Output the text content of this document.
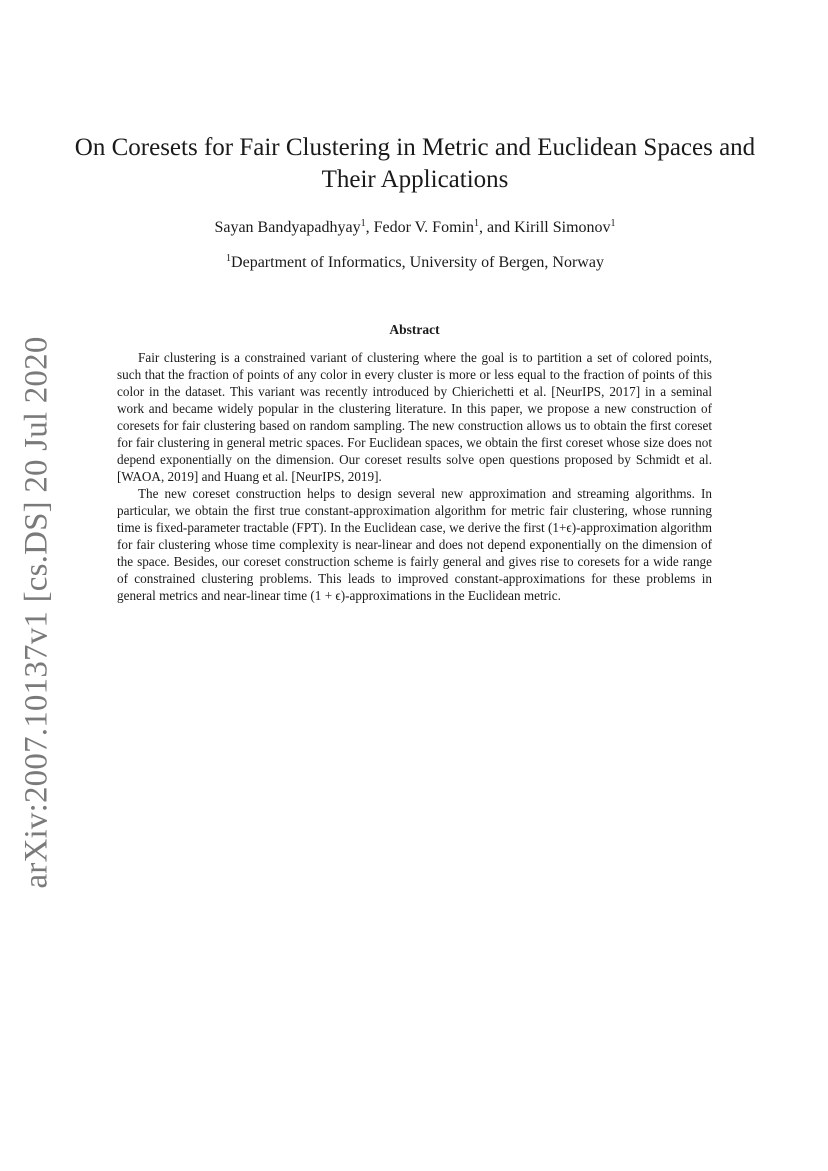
arXiv:2007.10137v1 [cs.DS] 20 Jul 2020
On Coresets for Fair Clustering in Metric and Euclidean Spaces and Their Applications
Sayan Bandyapadhyay$^1$, Fedor V. Fomin$^1$, and Kirill Simonov$^1$
$^1$Department of Informatics, University of Bergen, Norway
Abstract

Fair clustering is a constrained variant of clustering where the goal is to partition a set of colored points, such that the fraction of points of any color in every cluster is more or less equal to the fraction of points of this color in the dataset. This variant was recently introduced by Chierichetti et al. [NeurIPS, 2017] in a seminal work and became widely popular in the clustering literature. In this paper, we propose a new construction of coresets for fair clustering based on random sampling. The new construction allows us to obtain the first coreset for fair clustering in general metric spaces. For Euclidean spaces, we obtain the first coreset whose size does not depend exponentially on the dimension. Our coreset results solve open questions proposed by Schmidt et al. [WAOA, 2019] and Huang et al. [NeurIPS, 2019].

The new coreset construction helps to design several new approximation and streaming algorithms. In particular, we obtain the first true constant-approximation algorithm for metric fair clustering, whose running time is fixed-parameter tractable (FPT). In the Euclidean case, we derive the first (1+ϵ)-approximation algorithm for fair clustering whose time complexity is near-linear and does not depend exponentially on the dimension of the space. Besides, our coreset construction scheme is fairly general and gives rise to coresets for a wide range of constrained clustering problems. This leads to improved constant-approximations for these problems in general metrics and near-linear time (1 + ϵ)-approximations in the Euclidean metric.
